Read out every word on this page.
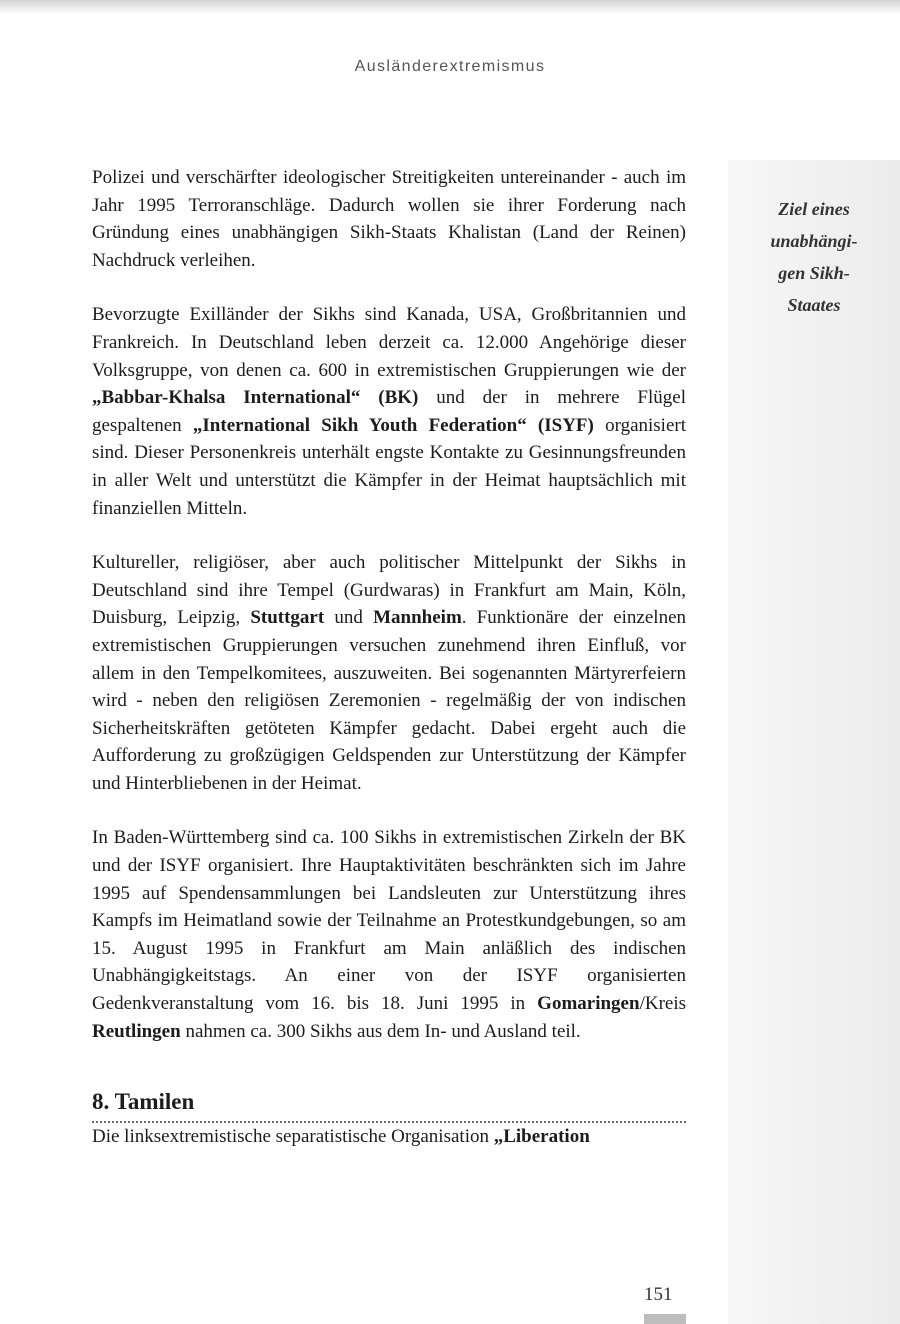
Ausländerextremismus
Ziel eines
unabhängi-
gen Sikh-
Staates

Polizei und verschärfter ideologischer Streitigkeiten untereinander - auch im Jahr 1995 Terroranschläge. Dadurch wollen sie ihrer Forderung nach Gründung eines unabhängigen Sikh-Staats Khalistan (Land der Reinen) Nachdruck verleihen.

Bevorzugte Exilländer der Sikhs sind Kanada, USA, Großbritannien und Frankreich. In Deutschland leben derzeit ca. 12.000 Angehörige dieser Volksgruppe, von denen ca. 600 in extremistischen Gruppierungen wie der „Babbar-Khalsa International“ (BK) und der in mehrere Flügel gespaltenen „International Sikh Youth Federation“ (ISYF) organisiert sind. Dieser Personenkreis unterhält engste Kontakte zu Gesinnungsfreunden in aller Welt und unterstützt die Kämpfer in der Heimat hauptsächlich mit finanziellen Mitteln.

Kultureller, religiöser, aber auch politischer Mittelpunkt der Sikhs in Deutschland sind ihre Tempel (Gurdwaras) in Frankfurt am Main, Köln, Duisburg, Leipzig, Stuttgart und Mannheim. Funktionäre der einzelnen extremistischen Gruppierungen versuchen zunehmend ihren Einfluß, vor allem in den Tempelkomitees, auszuweiten. Bei sogenannten Märtyrerfeiern wird - neben den religiösen Zeremonien - regelmäßig der von indischen Sicherheitskräften getöteten Kämpfer gedacht. Dabei ergeht auch die Aufforderung zu großzügigen Geldspenden zur Unterstützung der Kämpfer und Hinterbliebenen in der Heimat.

In Baden-Württemberg sind ca. 100 Sikhs in extremistischen Zirkeln der BK und der ISYF organisiert. Ihre Hauptaktivitäten beschränkten sich im Jahre 1995 auf Spendensammlungen bei Landsleuten zur Unterstützung ihres Kampfs im Heimatland sowie der Teilnahme an Protestkundgebungen, so am 15. August 1995 in Frankfurt am Main anläßlich des indischen Unabhängigkeitstags. An einer von der ISYF organisierten Gedenkveranstaltung vom 16. bis 18. Juni 1995 in Gomaringen/Kreis Reutlingen nahmen ca. 300 Sikhs aus dem In- und Ausland teil.

8. Tamilen

Die linksextremistische separatistische Organisation „Liberation

151
